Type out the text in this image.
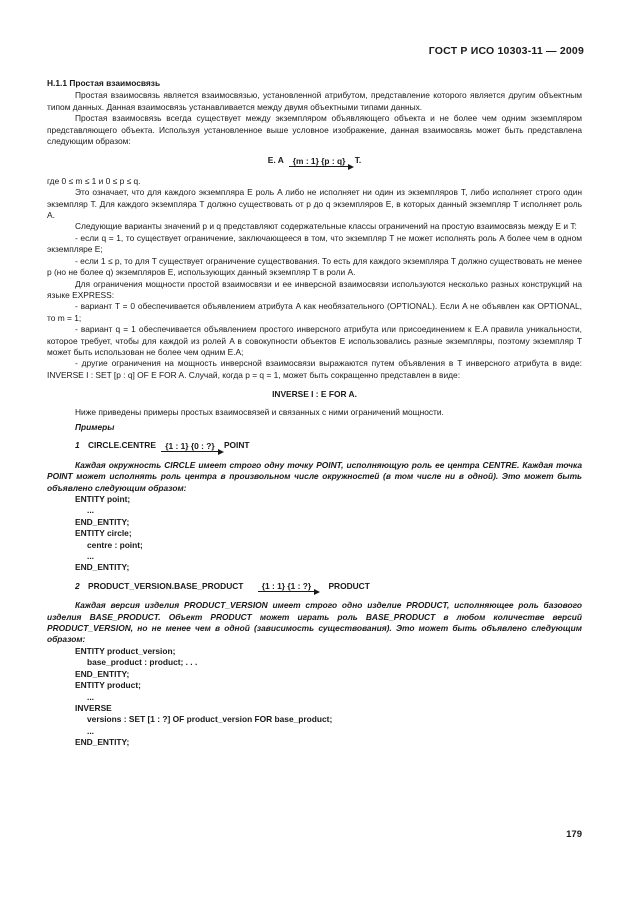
ГОСТ Р ИСО 10303-11 — 2009

Н.1.1 Простая взаимосвязь

Простая взаимосвязь является взаимосвязью, установленной атрибутом, представление которого является другим объектным типом данных. Данная взаимосвязь устанавливается между двумя объектными типами данных.

Простая взаимосвязь всегда существует между экземпляром объявляющего объекта и не более чем одним экземпляром представляющего объекта. Используя установленное выше условное изображение, данная взаимосвязь может быть представлена следующим образом:

E. A {m : 1} {p : q} T.

где 0 ≤ m ≤ 1 и 0 ≤ p ≤ q.

Это означает, что для каждого экземпляра E роль A либо не исполняет ни один из экземпляров T, либо исполняет строго один экземпляр T. Для каждого экземпляра T должно существовать от p до q экземпляров E, в которых данный экземпляр T исполняет роль A.

Следующие варианты значений p и q представляют содержательные классы ограничений на простую взаимосвязь между E и T:

- если q = 1, то существует ограничение, заключающееся в том, что экземпляр T не может исполнять роль A более чем в одном экземпляре E;

- если 1 ≤ p, то для T существует ограничение существования. То есть для каждого экземпляра T должно существовать не менее p (но не более q) экземпляров E, использующих данный экземпляр T в роли A.

Для ограничения мощности простой взаимосвязи и ее инверсной взаимосвязи используются несколько разных конструкций на языке EXPRESS:

- вариант T = 0 обеспечивается объявлением атрибута A как необязательного (OPTIONAL). Если A не объявлен как OPTIONAL, то m = 1;

- вариант q = 1 обеспечивается объявлением простого инверсного атрибута или присоединением к E.A правила уникальности, которое требует, чтобы для каждой из ролей A в совокупности объектов E использовались разные экземпляры, поэтому экземпляр T может быть использован не более чем одним E.A;

- другие ограничения на мощность инверсной взаимосвязи выражаются путем объявления в T инверсного атрибута в виде: INVERSE I : SET [p : q] OF E FOR A. Случай, когда p = q = 1, может быть сокращенно представлен в виде:

INVERSE I : E FOR A.

Ниже приведены примеры простых взаимосвязей и связанных с ними ограничений мощности.

Примеры

1 CIRCLE.CENTRE {1 : 1} {0 : ?} POINT

Каждая окружность CIRCLE имеет строго одну точку POINT, исполняющую роль ее центра CENTRE. Каждая точка POINT может исполнять роль центра в произвольном числе окружностей (в том числе ни в одной). Это может быть объявлено следующим образом:

ENTITY point;

...

END_ENTITY;

ENTITY circle;

centre : point;

...

END_ENTITY;

2 PRODUCT_VERSION.BASE_PRODUCT {1 : 1} {1 : ?} PRODUCT

Каждая версия изделия PRODUCT_VERSION имеет строго одно изделие PRODUCT, исполняющее роль базового изделия BASE_PRODUCT. Объект PRODUCT может играть роль BASE_PRODUCT в любом количестве версий PRODUCT_VERSION, но не менее чем в одной (зависимость существования). Это может быть объявлено следующим образом:

ENTITY product_version;

base_product : product; . . .

END_ENTITY;

ENTITY product;

...

INVERSE

versions : SET [1 : ?] OF product_version FOR base_product;

...

END_ENTITY;

179
